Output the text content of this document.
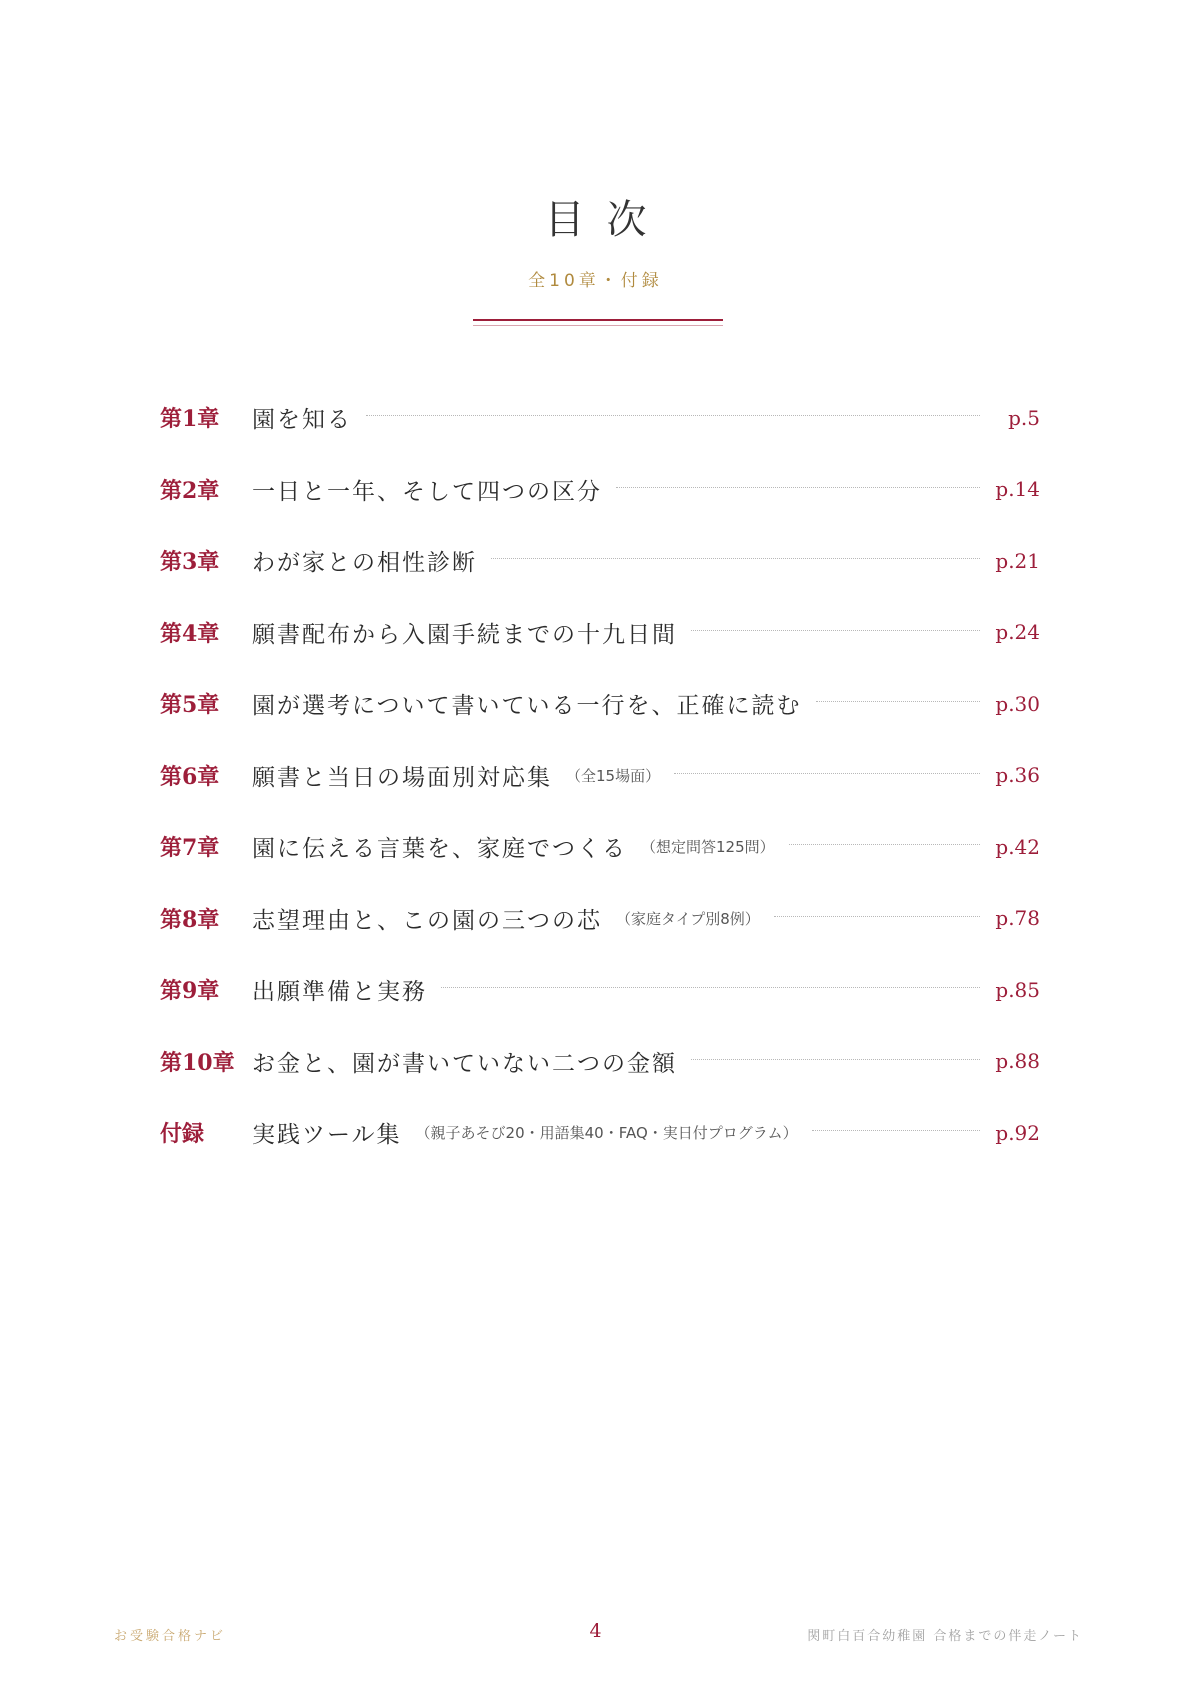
目次
全10章・付録
第1章	園を知る	p.5
第2章	一日と一年、そして四つの区分	p.14
第3章	わが家との相性診断	p.21
第4章	願書配布から入園手続までの十九日間	p.24
第5章	園が選考について書いている一行を、正確に読む	p.30
第6章	願書と当日の場面別対応集 （全15場面）	p.36
第7章	園に伝える言葉を、家庭でつくる （想定問答125問）	p.42
第8章	志望理由と、この園の三つの芯 （家庭タイプ別8例）	p.78
第9章	出願準備と実務	p.85
第10章 お金と、園が書いていない二つの金額	p.88
付録	実践ツール集 （親子あそび20・用語集40・FAQ・実日付プログラム）	p.92
お受験合格ナビ	4	関町白百合幼稚園 合格までの伴走ノート
